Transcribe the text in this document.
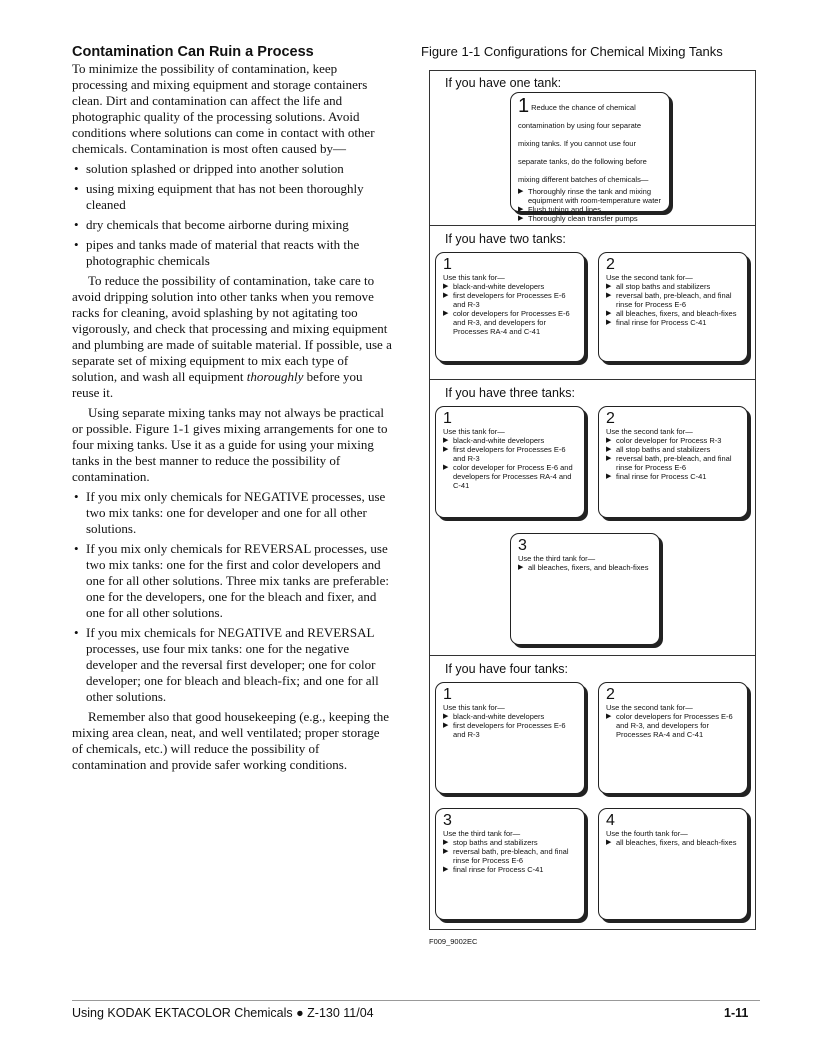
Contamination Can Ruin a Process

To minimize the possibility of contamination, keep processing and mixing equipment and storage containers clean. Dirt and contamination can affect the life and photographic quality of the processing solutions. Avoid conditions where solutions can come in contact with other chemicals. Contamination is most often caused by—

• solution splashed or dripped into another solution
• using mixing equipment that has not been thoroughly cleaned
• dry chemicals that become airborne during mixing
• pipes and tanks made of material that reacts with the photographic chemicals

To reduce the possibility of contamination, take care to avoid dripping solution into other tanks when you remove racks for cleaning, avoid splashing by not agitating too vigorously, and check that processing and mixing equipment and plumbing are made of suitable material. If possible, use a separate set of mixing equipment to mix each type of solution, and wash all equipment thoroughly before you reuse it.

Using separate mixing tanks may not always be practical or possible. Figure 1-1 gives mixing arrangements for one to four mixing tanks. Use it as a guide for using your mixing tanks in the best manner to reduce the possibility of contamination.

• If you mix only chemicals for NEGATIVE processes, use two mix tanks: one for developer and one for all other solutions.
• If you mix only chemicals for REVERSAL processes, use two mix tanks: one for the first and color developers and one for all other solutions. Three mix tanks are preferable: one for the developers, one for the bleach and fixer, and one for all other solutions.
• If you mix chemicals for NEGATIVE and REVERSAL processes, use four mix tanks: one for the negative developer and the reversal first developer; one for color developer; one for bleach and bleach-fix; and one for all other solutions.

Remember also that good housekeeping (e.g., keeping the mixing area clean, neat, and well ventilated; proper storage of chemicals, etc.) will reduce the possibility of contamination and provide safer working conditions.

Figure 1-1 Configurations for Chemical Mixing Tanks
If you have one tank:
1 Reduce the chance of chemical contamination by using four separate mixing tanks. If you cannot use four separate tanks, do the following before mixing different batches of chemicals—
▶ Thoroughly rinse the tank and mixing equipment with room-temperature water
▶ Flush tubing and lines
▶ Thoroughly clean transfer pumps
If you have two tanks:
1
Use this tank for—
▶ black-and-white developers
▶ first developers for Processes E-6 and R-3
▶ color developers for Processes E-6 and R-3, and developers for Processes RA-4 and C-41
2
Use the second tank for—
▶ all stop baths and stabilizers
▶ reversal bath, pre-bleach, and final rinse for Process E-6
▶ all bleaches, fixers, and bleach-fixes
▶ final rinse for Process C-41
If you have three tanks:
1
Use this tank for—
▶ black-and-white developers
▶ first developers for Processes E-6 and R-3
▶ color developer for Process E-6 and developers for Processes RA-4 and C-41
2
Use the second tank for—
▶ color developer for Process R-3
▶ all stop baths and stabilizers
▶ reversal bath, pre-bleach, and final rinse for Process E-6
▶ final rinse for Process C-41
3
Use the third tank for—
▶ all bleaches, fixers, and bleach-fixes
If you have four tanks:
1
Use this tank for—
▶ black-and-white developers
▶ first developers for Processes E-6 and R-3
2
Use the second tank for—
▶ color developers for Processes E-6 and R-3, and developers for Processes RA-4 and C-41
3
Use the third tank for—
▶ stop baths and stabilizers
▶ reversal bath, pre-bleach, and final rinse for Process E-6
▶ final rinse for Process C-41
4
Use the fourth tank for—
▶ all bleaches, fixers, and bleach-fixes
F009_9002EC
Using KODAK EKTACOLOR Chemicals ● Z-130 11/04	1-11
